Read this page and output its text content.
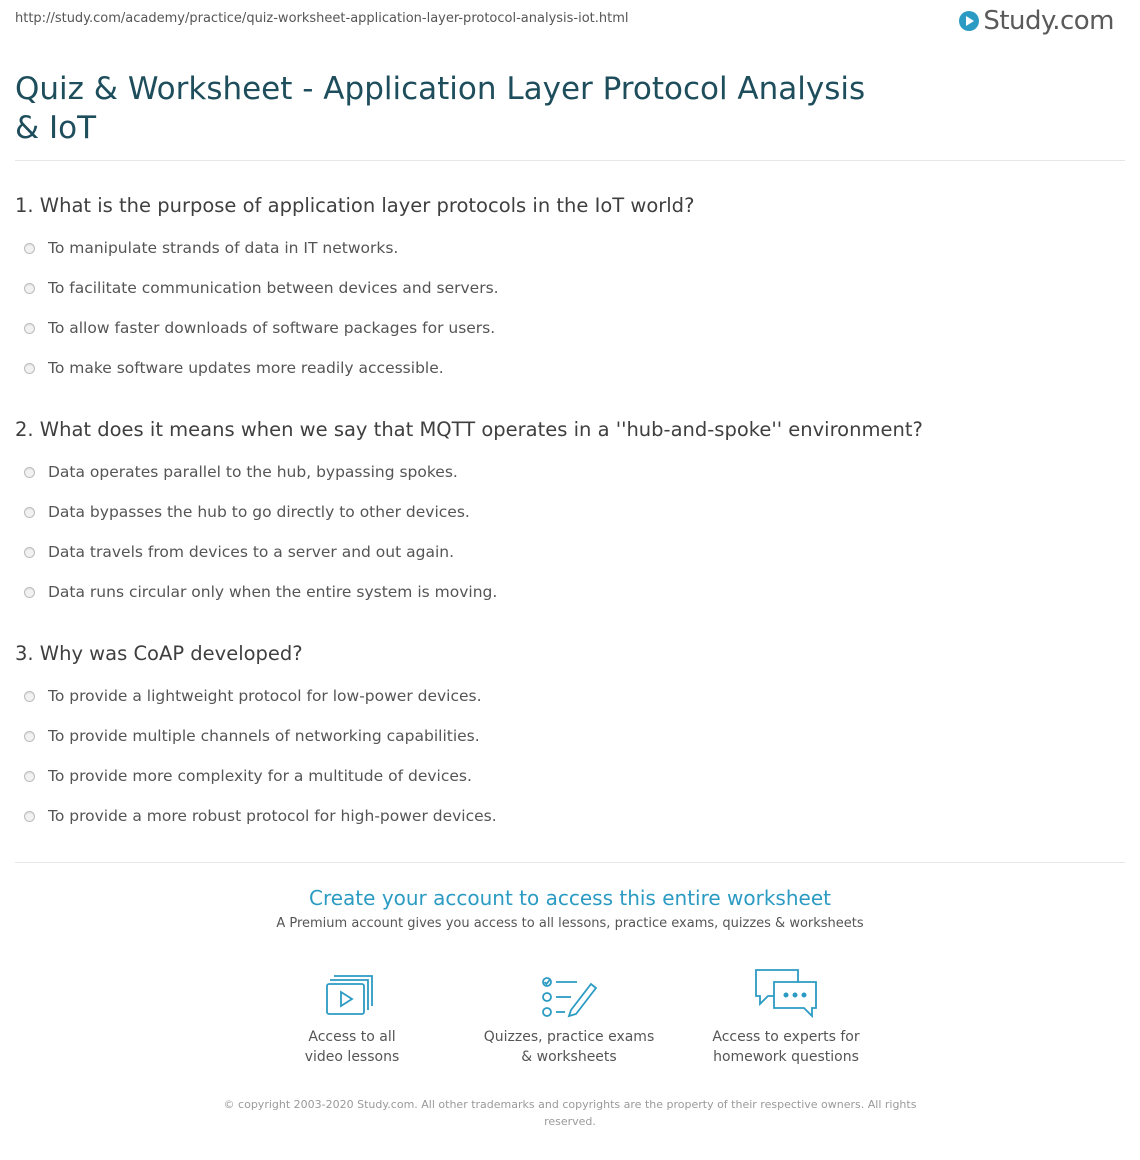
http://study.com/academy/practice/quiz-worksheet-application-layer-protocol-analysis-iot.html	Study.com
Quiz & Worksheet - Application Layer Protocol Analysis & IoT
1. What is the purpose of application layer protocols in the IoT world?
To manipulate strands of data in IT networks.
To facilitate communication between devices and servers.
To allow faster downloads of software packages for users.
To make software updates more readily accessible.
2. What does it means when we say that MQTT operates in a ''hub-and-spoke'' environment?
Data operates parallel to the hub, bypassing spokes.
Data bypasses the hub to go directly to other devices.
Data travels from devices to a server and out again.
Data runs circular only when the entire system is moving.
3. Why was CoAP developed?
To provide a lightweight protocol for low-power devices.
To provide multiple channels of networking capabilities.
To provide more complexity for a multitude of devices.
To provide a more robust protocol for high-power devices.
Create your account to access this entire worksheet
A Premium account gives you access to all lessons, practice exams, quizzes & worksheets
Access to all
video lessons
Quizzes, practice exams
& worksheets
Access to experts for
homework questions
© copyright 2003-2020 Study.com. All other trademarks and copyrights are the property of their respective owners. All rights reserved.
